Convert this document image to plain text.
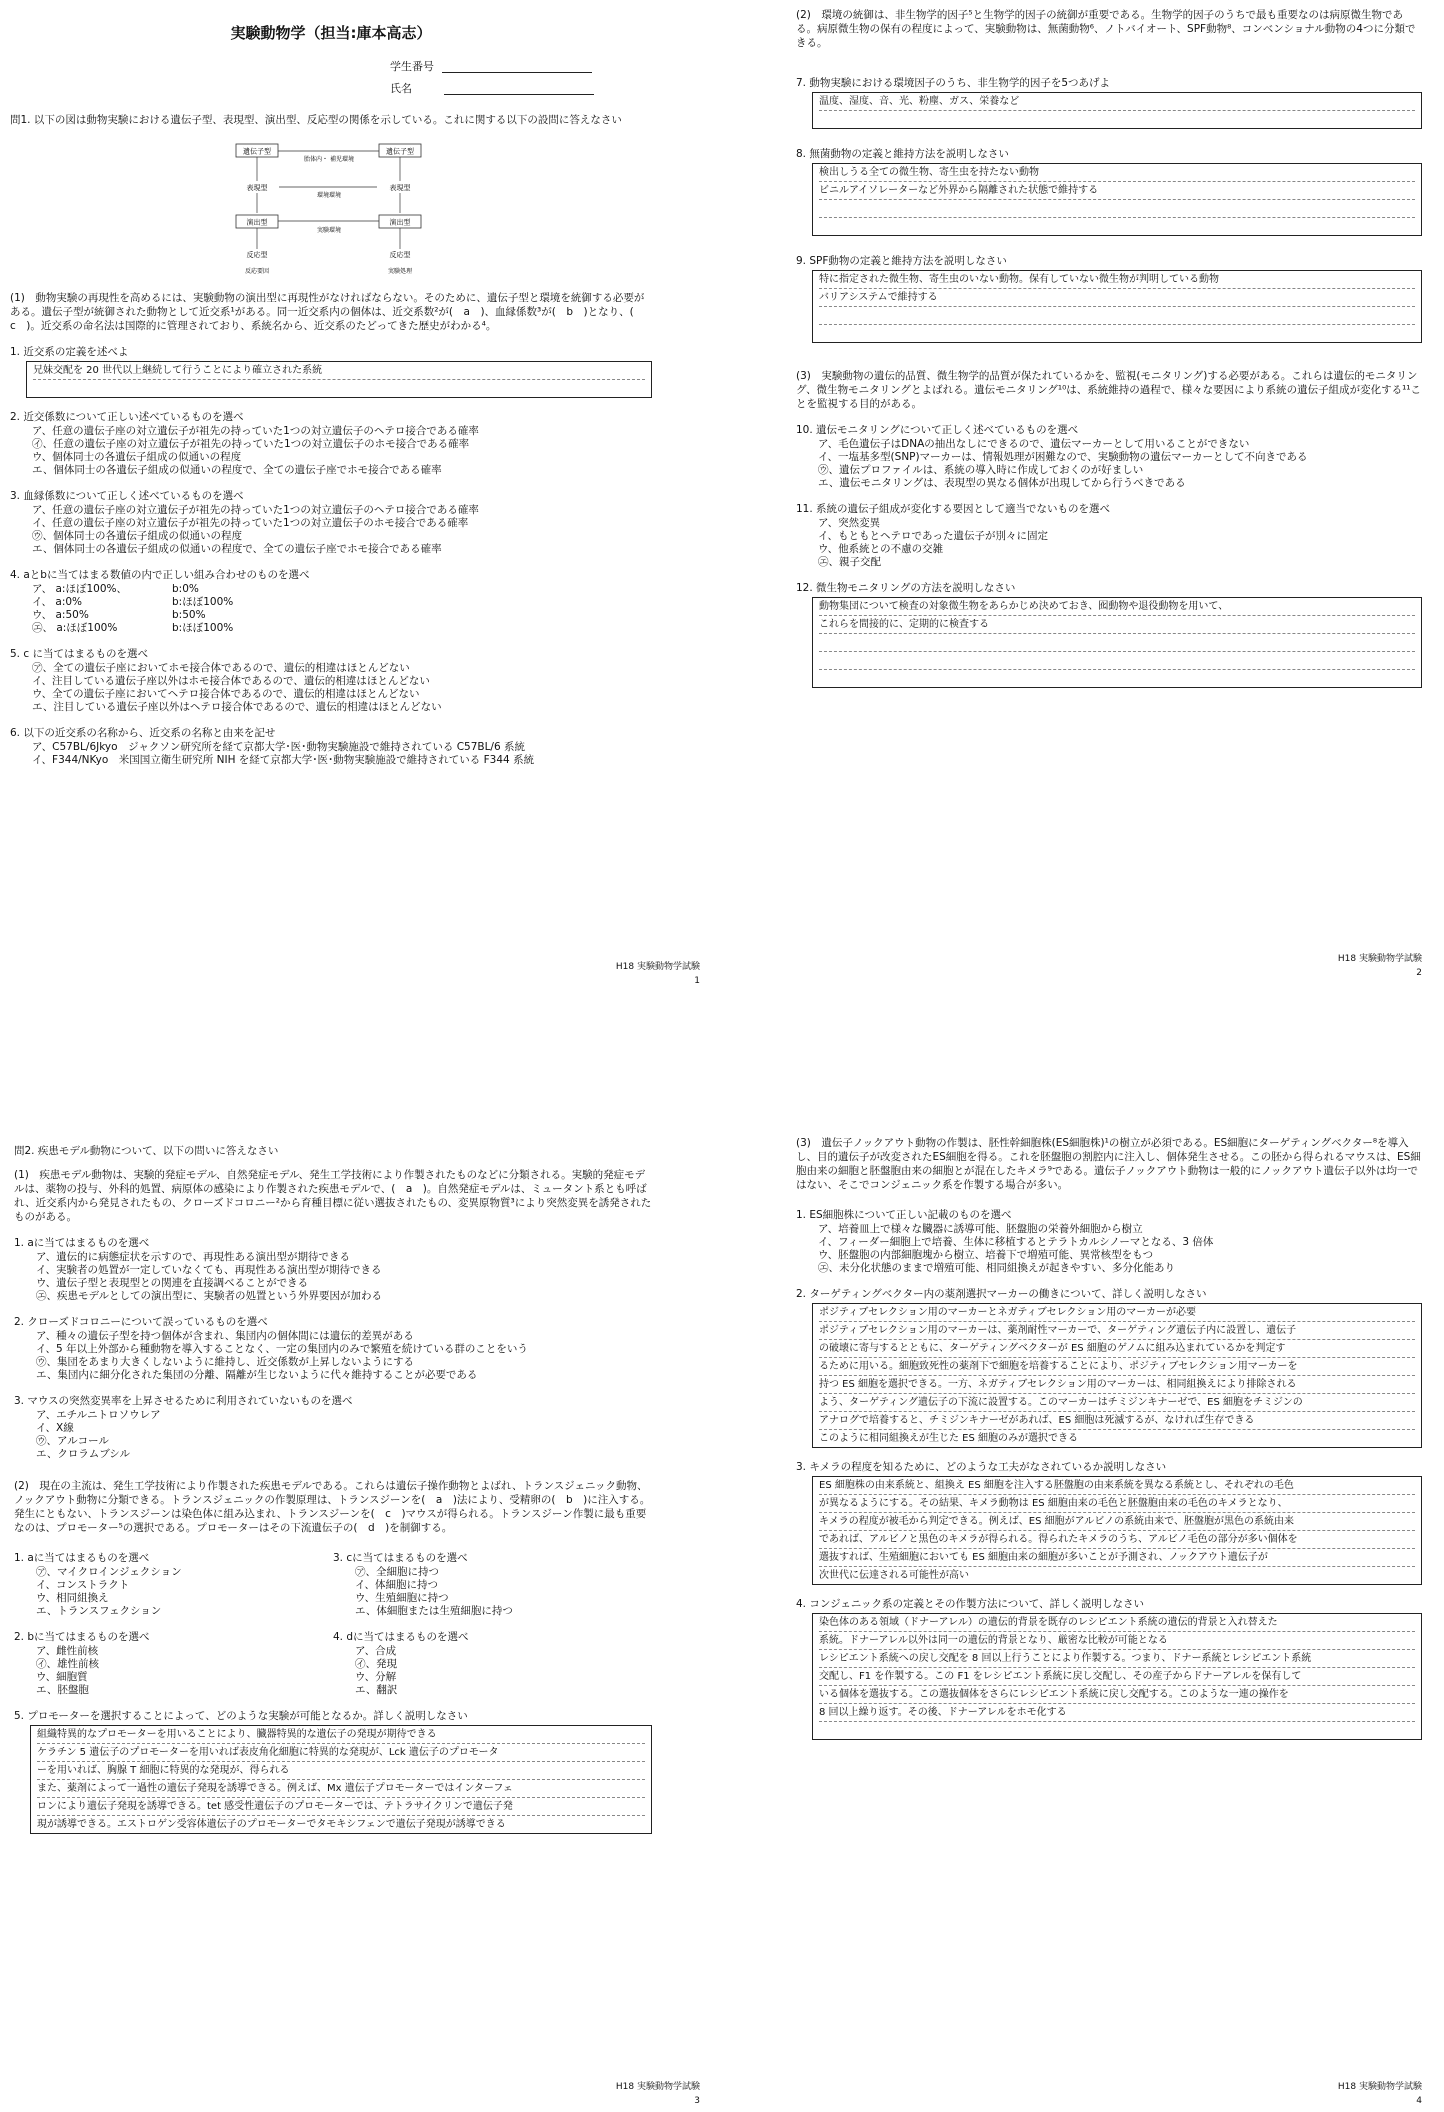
実験動物学（担当:庫本高志）
学生番号
氏名

問1. 以下の図は動物実験における遺伝子型、表現型、演出型、反応型の関係を示している。これに関する以下の設問に答えなさい

遺伝子型	遺伝子型
胎体内・ 補児環境
表現型	表現型
環境環境
演出型	演出型
実験環境
反応型	反応型
反応要因	実験処理

(1)　動物実験の再現性を高めるには、実験動物の演出型に再現性がなければならない。そのために、遺伝子型と環境を統御する必要がある。遺伝子型が統御された動物として近交系¹がある。同一近交系内の個体は、近交系数²が(　a　)、血縁係数³が(　b　)となり、(　c　)。近交系の命名法は国際的に管理されており、系統名から、近交系のたどってきた歴史がわかる⁴。

1. 近交系の定義を述べよ

兄妹交配を 20 世代以上継続して行うことにより確立された系統

2. 近交係数について正しい述べているものを選べ

ア、任意の遺伝子座の対立遺伝子が祖先の持っていた1つの対立遺伝子のヘテロ接合である確率
㋑、任意の遺伝子座の対立遺伝子が祖先の持っていた1つの対立遺伝子のホモ接合である確率
ウ、個体同士の各遺伝子組成の似通いの程度
エ、個体同士の各遺伝子組成の似通いの程度で、全ての遺伝子座でホモ接合である確率

3. 血縁係数について正しく述べているものを選べ

ア、任意の遺伝子座の対立遺伝子が祖先の持っていた1つの対立遺伝子のヘテロ接合である確率
イ、任意の遺伝子座の対立遺伝子が祖先の持っていた1つの対立遺伝子のホモ接合である確率
㋒、個体同士の各遺伝子組成の似通いの程度
エ、個体同士の各遺伝子組成の似通いの程度で、全ての遺伝子座でホモ接合である確率

4. aとbに当てはまる数値の内で正しい組み合わせのものを選べ

ア、 a:ほぼ100%、	b:0%
イ、 a:0%	b:ほぼ100%
ウ、 a:50%	b:50%
㋓、 a:ほぼ100%	b:ほぼ100%

5. c に当てはまるものを選べ

㋐、全ての遺伝子座においてホモ接合体であるので、遺伝的相違はほとんどない
イ、注目している遺伝子座以外はホモ接合体であるので、遺伝的相違はほとんどない
ウ、全ての遺伝子座においてヘテロ接合体であるので、遺伝的相違はほとんどない
エ、注目している遺伝子座以外はヘテロ接合体であるので、遺伝的相違はほとんどない

6. 以下の近交系の名称から、近交系の名称と由来を記せ

ア、C57BL/6Jkyo　ジャクソン研究所を経て京都大学･医･動物実験施設で維持されている C57BL/6 系統
イ、F344/NKyo　米国国立衛生研究所 NIH を経て京都大学･医･動物実験施設で維持されている F344 系統
H18 実験動物学試験
1

(2)　環境の統御は、非生物学的因子⁵と生物学的因子の統御が重要である。生物学的因子のうちで最も重要なのは病原微生物である。病原微生物の保有の程度によって、実験動物は、無菌動物⁶、ノトバイオート、SPF動物⁸、コンベンショナル動物の4つに分類できる。

7. 動物実験における環境因子のうち、非生物学的因子を5つあげよ

温度、湿度、音、光、粉塵、ガス、栄養など

8. 無菌動物の定義と維持方法を説明しなさい

検出しうる全ての微生物、寄生虫を持たない動物
ビニルアイソレーターなど外界から隔離された状態で維持する

9. SPF動物の定義と維持方法を説明しなさい

特に指定された微生物、寄生虫のいない動物。保有していない微生物が判明している動物
バリアシステムで維持する

(3)　実験動物の遺伝的品質、微生物学的品質が保たれているかを、監視(モニタリング)する必要がある。これらは遺伝的モニタリング、微生物モニタリングとよばれる。遺伝モニタリング¹⁰は、系統維持の過程で、様々な要因により系統の遺伝子組成が変化する¹¹ことを監視する目的がある。

10. 遺伝モニタリングについて正しく述べているものを選べ

ア、毛色遺伝子はDNAの抽出なしにできるので、遺伝マーカーとして用いることができない
イ、一塩基多型(SNP)マーカーは、情報処理が困難なので、実験動物の遺伝マーカーとして不向きである
㋒、遺伝プロファイルは、系統の導入時に作成しておくのが好ましい
エ、遺伝モニタリングは、表現型の異なる個体が出現してから行うべきである

11. 系統の遺伝子組成が変化する要因として適当でないものを選べ

ア、突然変異
イ、もともとヘテロであった遺伝子が別々に固定
ウ、他系統との不慮の交雑
㋓、親子交配

12. 微生物モニタリングの方法を説明しなさい

動物集団について検査の対象微生物をあらかじめ決めておき、囮動物や退役動物を用いて、
これらを間接的に、定期的に検査する
H18 実験動物学試験
2

問2. 疾患モデル動物について、以下の問いに答えなさい

(1)　疾患モデル動物は、実験的発症モデル、自然発症モデル、発生工学技術により作製されたものなどに分類される。実験的発症モデルは、薬物の投与、外科的処置、病原体の感染により作製された疾患モデルで、(　a　)。自然発症モデルは、ミュータント系とも呼ばれ、近交系内から発見されたもの、クローズドコロニー²から育種目標に従い選抜されたもの、変異原物質³により突然変異を誘発されたものがある。

1. aに当てはまるものを選べ

ア、遺伝的に病態症状を示すので、再現性ある演出型が期待できる
イ、実験者の処置が一定していなくても、再現性ある演出型が期待できる
ウ、遺伝子型と表現型との関連を直接調べることができる
㋓、疾患モデルとしての演出型に、実験者の処置という外界要因が加わる

2. クローズドコロニーについて誤っているものを選べ

ア、種々の遺伝子型を持つ個体が含まれ、集団内の個体間には遺伝的差異がある
イ、5 年以上外部から種動物を導入することなく、一定の集団内のみで繁殖を続けている群のことをいう
㋒、集団をあまり大きくしないように維持し、近交係数が上昇しないようにする
エ、集団内に細分化された集団の分離、隔離が生じないように代々維持することが必要である

3. マウスの突然変異率を上昇させるために利用されていないものを選べ

ア、エチルニトロソウレア
イ、X線
㋒、アルコール
エ、クロラムブシル

(2)　現在の主流は、発生工学技術により作製された疾患モデルである。これらは遺伝子操作動物とよばれ、トランスジェニック動物、ノックアウト動物に分類できる。トランスジェニックの作製原理は、トランスジーンを(　a　)法により、受精卵の(　b　)に注入する。発生にともない、トランスジーンは染色体に組み込まれ、トランスジーンを(　c　)マウスが得られる。トランスジーン作製に最も重要なのは、プロモーター⁵の選択である。プロモーターはその下流遺伝子の(　d　)を制御する。

1. aに当てはまるものを選べ

㋐、マイクロインジェクション
イ、コンストラクト
ウ、相同組換え
エ、トランスフェクション

3. cに当てはまるものを選べ

㋐、全細胞に持つ
イ、体細胞に持つ
ウ、生殖細胞に持つ
エ、体細胞または生殖細胞に持つ

2. bに当てはまるものを選べ

ア、雌性前核
㋑、雄性前核
ウ、細胞質
エ、胚盤胞

4. dに当てはまるものを選べ

ア、合成
㋑、発現
ウ、分解
エ、翻訳

5. プロモーターを選択することによって、どのような実験が可能となるか。詳しく説明しなさい

組織特異的なプロモーターを用いることにより、臓器特異的な遺伝子の発現が期待できる
ケラチン 5 遺伝子のプロモーターを用いれば表皮角化細胞に特異的な発現が、Lck 遺伝子のプロモータ
ーを用いれば、胸腺 T 細胞に特異的な発現が、得られる
また、薬剤によって一過性の遺伝子発現を誘導できる。例えば、Mx 遺伝子プロモーターではインターフェ
ロンにより遺伝子発現を誘導できる。tet 感受性遺伝子のプロモーターでは、テトラサイクリンで遺伝子発
現が誘導できる。エストロゲン受容体遺伝子のプロモーターでタモキシフェンで遺伝子発現が誘導できる
H18 実験動物学試験
3

(3)　遺伝子ノックアウト動物の作製は、胚性幹細胞株(ES細胞株)¹の樹立が必須である。ES細胞にターゲティングベクター⁸を導入し、目的遺伝子が改変されたES細胞を得る。これを胚盤胞の割腔内に注入し、個体発生させる。この胚から得られるマウスは、ES細胞由来の細胞と胚盤胞由来の細胞とが混在したキメラ⁹である。遺伝子ノックアウト動物は一般的にノックアウト遺伝子以外は均一ではない、そこでコンジェニック系を作製する場合が多い。

1. ES細胞株について正しい記載のものを選べ

ア、培養皿上で様々な臓器に誘導可能、胚盤胞の栄養外細胞から樹立
イ、フィーダー細胞上で培養、生体に移植するとテラトカルシノーマとなる、3 倍体
ウ、胚盤胞の内部細胞塊から樹立、培養下で増殖可能、異常核型をもつ
㋓、未分化状態のままで増殖可能、相同組換えが起きやすい、多分化能あり

2. ターゲティングベクター内の薬剤選択マーカーの働きについて、詳しく説明しなさい

ポジティブセレクション用のマーカーとネガティブセレクション用のマーカーが必要
ポジティブセレクション用のマーカーは、薬剤耐性マーカーで、ターゲティング遺伝子内に設置し、遺伝子
の破壊に寄与するとともに、ターゲティングベクターが ES 細胞のゲノムに組み込まれているかを判定す
るために用いる。細胞致死性の薬剤下で細胞を培養することにより、ポジティブセレクション用マーカーを
持つ ES 細胞を選択できる。一方、ネガティブセレクション用のマーカーは、相同組換えにより排除される
よう、ターゲティング遺伝子の下流に設置する。このマーカーはチミジンキナーゼで、ES 細胞をチミジンの
アナログで培養すると、チミジンキナーゼがあれば、ES 細胞は死滅するが、なければ生存できる
このように相同組換えが生じた ES 細胞のみが選択できる

3. キメラの程度を知るために、どのような工夫がなされているか説明しなさい

ES 細胞株の由来系統と、組換え ES 細胞を注入する胚盤胞の由来系統を異なる系統とし、それぞれの毛色
が異なるようにする。その結果、キメラ動物は ES 細胞由来の毛色と胚盤胞由来の毛色のキメラとなり、
キメラの程度が被毛から判定できる。例えば、ES 細胞がアルビノの系統由来で、胚盤胞が黒色の系統由来
であれば、アルビノと黒色のキメラが得られる。得られたキメラのうち、アルビノ毛色の部分が多い個体を
選抜すれば、生殖細胞においても ES 細胞由来の細胞が多いことが予測され、ノックアウト遺伝子が
次世代に伝達される可能性が高い

4. コンジェニック系の定義とその作製方法について、詳しく説明しなさい

染色体のある領域（ドナーアレル）の遺伝的背景を既存のレシピエント系統の遺伝的背景と入れ替えた
系統。ドナーアレル以外は同一の遺伝的背景となり、厳密な比較が可能となる
レシピエント系統への戻し交配を 8 回以上行うことにより作製する。つまり、ドナー系統とレシピエント系統
交配し、F1 を作製する。この F1 をレシピエント系統に戻し交配し、その産子からドナーアレルを保有して
いる個体を選抜する。この選抜個体をさらにレシピエント系統に戻し交配する。このような一連の操作を
8 回以上繰り返す。その後、ドナーアレルをホモ化する
H18 実験動物学試験
4
